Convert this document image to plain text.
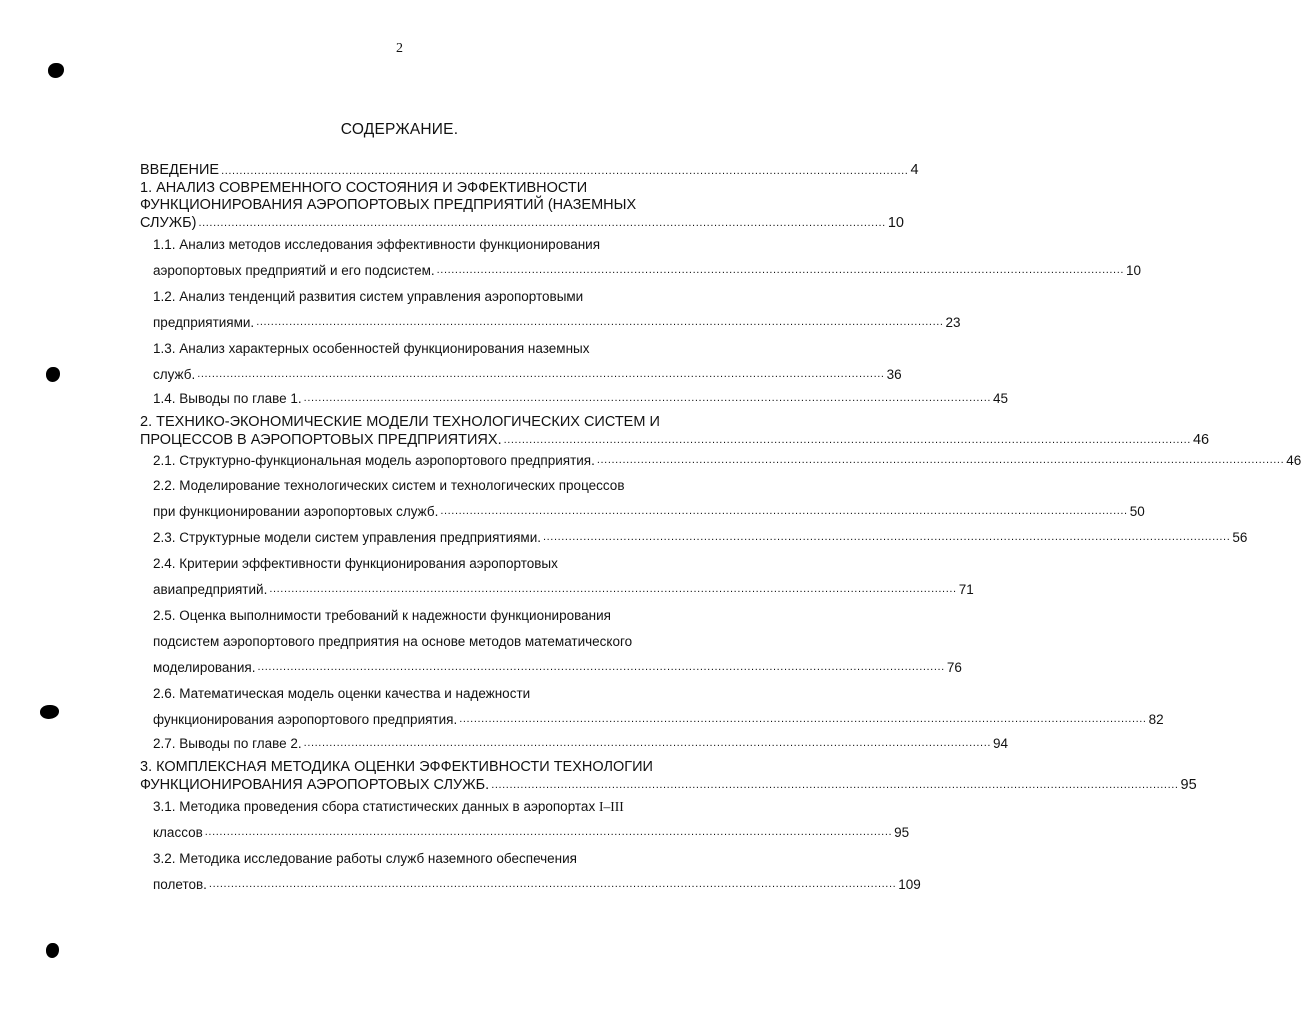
2
СОДЕРЖАНИЕ.
ВВЕДЕНИЕ ............................................................................................................................................................................................ 4
1. АНАЛИЗ СОВРЕМЕННОГО СОСТОЯНИЯ И ЭФФЕКТИВНОСТИ
ФУНКЦИОНИРОВАНИЯ АЭРОПОРТОВЫХ ПРЕДПРИЯТИЙ (НАЗЕМНЫХ
СЛУЖБ) ............................................................................................................................................................................................ 10
1.1. Анализ методов исследования эффективности функционирования
аэропортовых предприятий и его подсистем. ............................................................................................................................................................................................ 10
1.2. Анализ тенденций развития систем управления аэропортовыми
предприятиями. ............................................................................................................................................................................................ 23
1.3. Анализ характерных особенностей функционирования наземных
служб. ............................................................................................................................................................................................ 36
1.4. Выводы по главе 1. ............................................................................................................................................................................................ 45
2. ТЕХНИКО-ЭКОНОМИЧЕСКИЕ МОДЕЛИ ТЕХНОЛОГИЧЕСКИХ СИСТЕМ И
ПРОЦЕССОВ В АЭРОПОРТОВЫХ ПРЕДПРИЯТИЯХ. ............................................................................................................................................................................................ 46
2.1. Структурно-функциональная модель аэропортового предприятия. ............................................................................................................................................................................................ 46
2.2. Моделирование технологических систем и технологических процессов
при функционировании аэропортовых служб. ............................................................................................................................................................................................ 50
2.3. Структурные модели систем управления предприятиями. ............................................................................................................................................................................................ 56
2.4. Критерии эффективности функционирования аэропортовых
авиапредприятий. ............................................................................................................................................................................................ 71
2.5. Оценка выполнимости требований к надежности функционирования
подсистем аэропортового предприятия на основе методов математического
моделирования. ............................................................................................................................................................................................ 76
2.6. Математическая модель оценки качества и надежности
функционирования аэропортового предприятия. ............................................................................................................................................................................................ 82
2.7. Выводы по главе 2. ............................................................................................................................................................................................ 94
3. КОМПЛЕКСНАЯ МЕТОДИКА ОЦЕНКИ ЭФФЕКТИВНОСТИ ТЕХНОЛОГИИ
ФУНКЦИОНИРОВАНИЯ АЭРОПОРТОВЫХ СЛУЖБ. ............................................................................................................................................................................................ 95
3.1. Методика проведения сбора статистических данных в аэропортах I–III
классов ............................................................................................................................................................................................ 95
3.2. Методика исследование работы служб наземного обеспечения
полетов. ............................................................................................................................................................................................ 109
